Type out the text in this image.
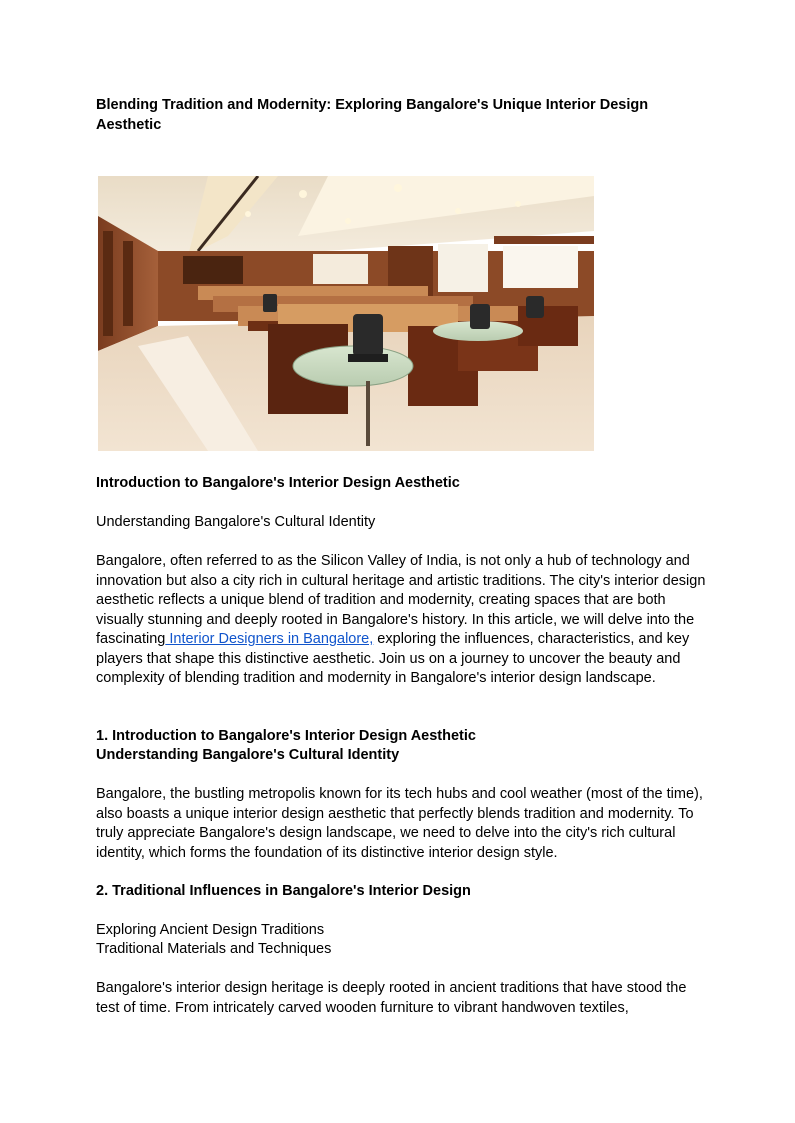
Blending Tradition and Modernity: Exploring Bangalore's Unique Interior Design Aesthetic

Introduction to Bangalore's Interior Design Aesthetic

Understanding Bangalore's Cultural Identity

Bangalore, often referred to as the Silicon Valley of India, is not only a hub of technology and innovation but also a city rich in cultural heritage and artistic traditions. The city's interior design aesthetic reflects a unique blend of tradition and modernity, creating spaces that are both visually stunning and deeply rooted in Bangalore's history. In this article, we will delve into the fascinating Interior Designers in Bangalore, exploring the influences, characteristics, and key players that shape this distinctive aesthetic. Join us on a journey to uncover the beauty and complexity of blending tradition and modernity in Bangalore's interior design landscape.

1. Introduction to Bangalore's Interior Design Aesthetic

Understanding Bangalore's Cultural Identity

Bangalore, the bustling metropolis known for its tech hubs and cool weather (most of the time), also boasts a unique interior design aesthetic that perfectly blends tradition and modernity. To truly appreciate Bangalore's design landscape, we need to delve into the city's rich cultural identity, which forms the foundation of its distinctive interior design style.

2. Traditional Influences in Bangalore's Interior Design

Exploring Ancient Design Traditions

Traditional Materials and Techniques

Bangalore's interior design heritage is deeply rooted in ancient traditions that have stood the test of time. From intricately carved wooden furniture to vibrant handwoven textiles,
